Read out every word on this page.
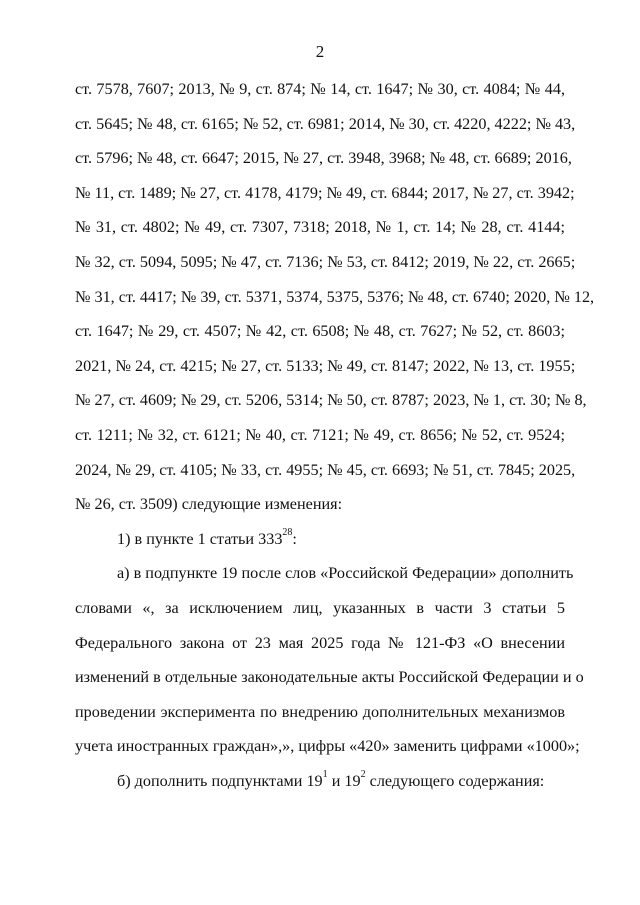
2
ст. 7578, 7607; 2013, № 9, ст. 874; № 14, ст. 1647; № 30, ст. 4084; № 44,
ст. 5645; № 48, ст. 6165; № 52, ст. 6981; 2014, № 30, ст. 4220, 4222; № 43,
ст. 5796; № 48, ст. 6647; 2015, № 27, ст. 3948, 3968; № 48, ст. 6689; 2016,
№ 11, ст. 1489; № 27, ст. 4178, 4179; № 49, ст. 6844; 2017, № 27, ст. 3942;
№ 31, ст. 4802; № 49, ст. 7307, 7318; 2018, № 1, ст. 14; № 28, ст. 4144;
№ 32, ст. 5094, 5095; № 47, ст. 7136; № 53, ст. 8412; 2019, № 22, ст. 2665;
№ 31, ст. 4417; № 39, ст. 5371, 5374, 5375, 5376; № 48, ст. 6740; 2020, № 12,
ст. 1647; № 29, ст. 4507; № 42, ст. 6508; № 48, ст. 7627; № 52, ст. 8603;
2021, № 24, ст. 4215; № 27, ст. 5133; № 49, ст. 8147; 2022, № 13, ст. 1955;
№ 27, ст. 4609; № 29, ст. 5206, 5314; № 50, ст. 8787; 2023, № 1, ст. 30; № 8,
ст. 1211; № 32, ст. 6121; № 40, ст. 7121; № 49, ст. 8656; № 52, ст. 9524;
2024, № 29, ст. 4105; № 33, ст. 4955; № 45, ст. 6693; № 51, ст. 7845; 2025,
№ 26, ст. 3509) следующие изменения:
1) в пункте 1 статьи $333^{28}$:
а) в подпункте 19 после слов «Российской Федерации» дополнить
словами «, за исключением лиц, указанных в части 3 статьи 5
Федерального закона от 23 мая 2025 года № 121-ФЗ «О внесении
изменений в отдельные законодательные акты Российской Федерации и о
проведении эксперимента по внедрению дополнительных механизмов
учета иностранных граждан»,», цифры «420» заменить цифрами «1000»;
б) дополнить подпунктами $19^1$ и $19^2$ следующего содержания:
